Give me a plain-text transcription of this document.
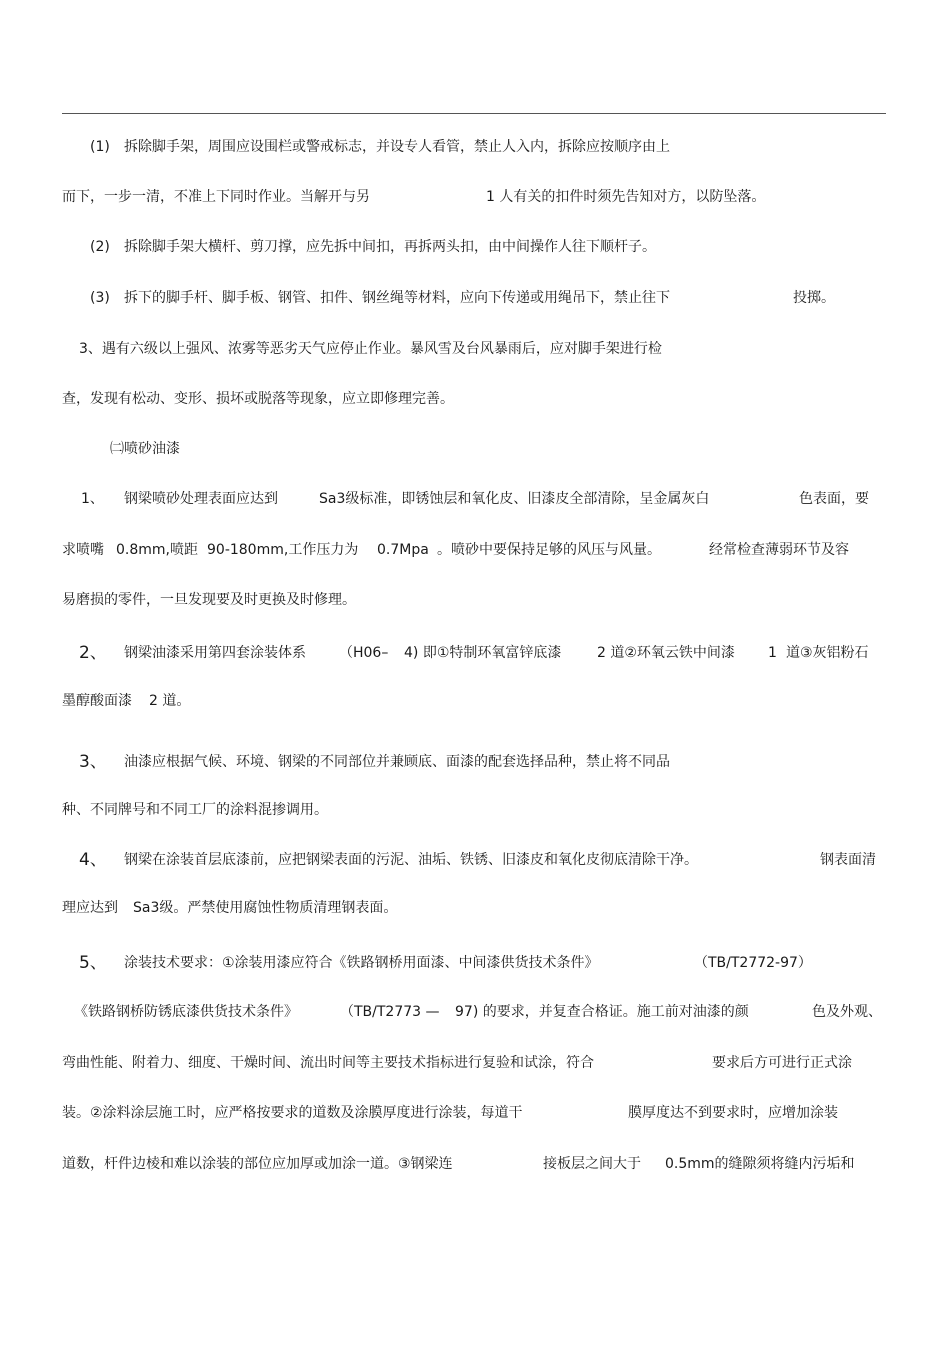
(1) 拆除脚手架，周围应设围栏或警戒标志，并设专人看管，禁止人入内，拆除应按顺序由上
而下，一步一清，不准上下同时作业。当解开与另	1 人有关的扣件时须先告知对方，以防坠落。
(2) 拆除脚手架大横杆、剪刀撑，应先拆中间扣，再拆两头扣，由中间操作人往下顺杆子。
(3) 拆下的脚手杆、脚手板、钢管、扣件、钢丝绳等材料，应向下传递或用绳吊下，禁止往下	投掷。
3、遇有六级以上强风、浓雾等恶劣天气应停止作业。暴风雪及台风暴雨后，应对脚手架进行检
查，发现有松动、变形、损坏或脱落等现象，应立即修理完善。
㈡喷砂油漆
1、 钢梁喷砂处理表面应达到	Sa3级标准，即锈蚀层和氧化皮、旧漆皮全部清除，呈金属灰白	色表面，要
求喷嘴 0.8mm,喷距 90-180mm,工作压力为 0.7Mpa 。喷砂中要保持足够的风压与风量。	经常检查薄弱环节及容
易磨损的零件，一旦发现要及时更换及时修理。
2、 钢梁油漆采用第四套涂装体系 （H06– 4) 即①特制环氧富锌底漆	2 道②环氧云铁中间漆 1 道③灰铝粉石
墨醇酸面漆 2 道。
3、 油漆应根据气候、环境、钢梁的不同部位并兼顾底、面漆的配套选择品种，禁止将不同品
种、不同牌号和不同工厂的涂料混掺调用。
4、 钢梁在涂装首层底漆前，应把钢梁表面的污泥、油垢、铁锈、旧漆皮和氧化皮彻底清除干净。	钢表面清
理应达到 Sa3级。严禁使用腐蚀性物质清理钢表面。
5、 涂装技术要求：①涂装用漆应符合《铁路钢桥用面漆、中间漆供货技术条件》	（TB/T2772-97）
《铁路钢桥防锈底漆供货技术条件》	（TB/T2773 — 97) 的要求，并复查合格证。施工前对油漆的颜	色及外观、
弯曲性能、附着力、细度、干燥时间、流出时间等主要技术指标进行复验和试涂，符合	要求后方可进行正式涂
装。②涂料涂层施工时，应严格按要求的道数及涂膜厚度进行涂装，每道干	膜厚度达不到要求时，应增加涂装
道数，杆件边棱和难以涂装的部位应加厚或加涂一道。③钢梁连	接板层之间大于 0.5mm的缝隙须将缝内污垢和
